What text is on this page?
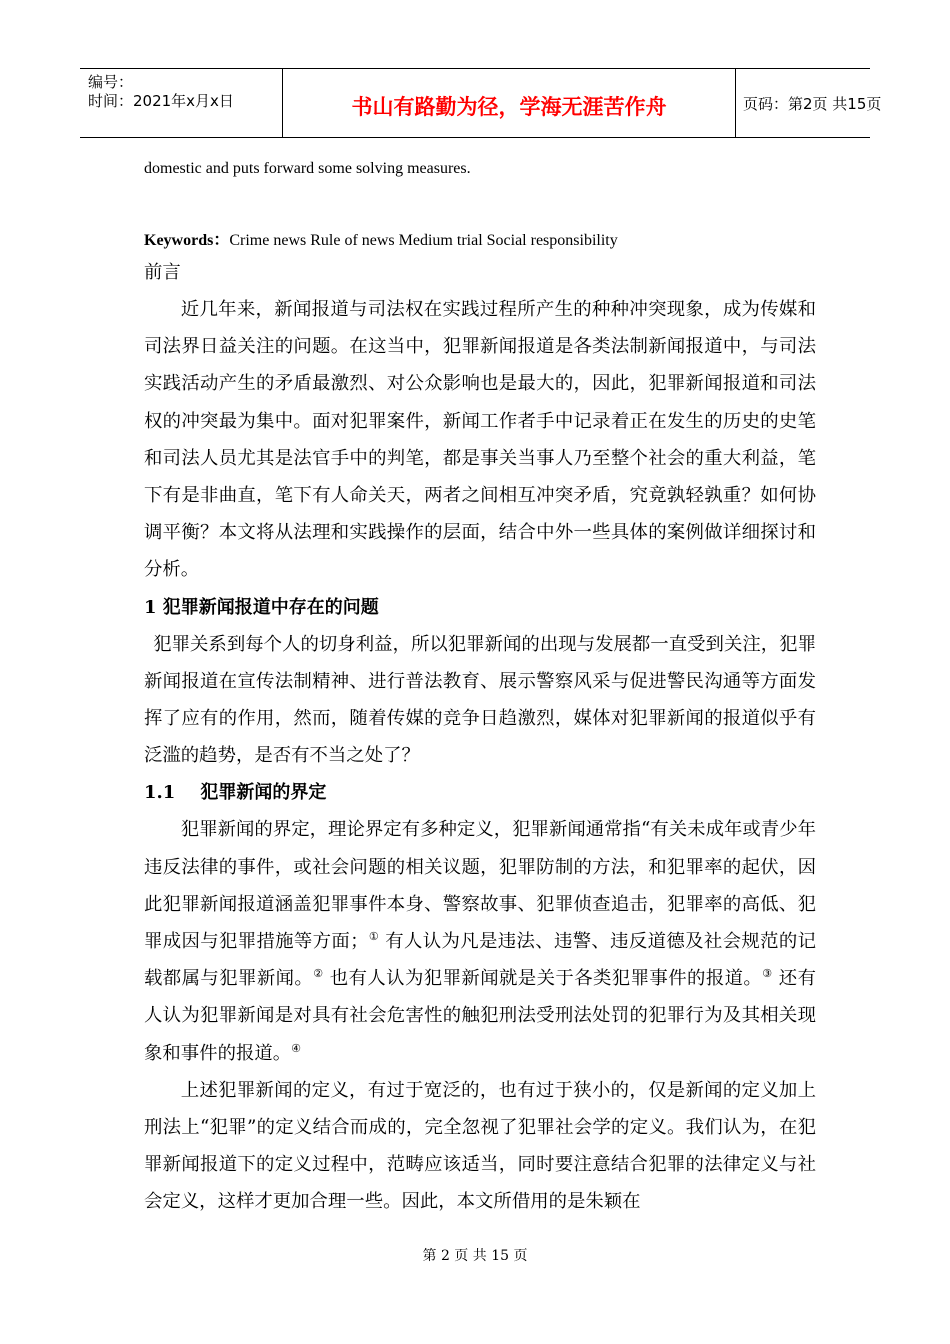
编号：
时间：2021年x月x日	书山有路勤为径，学海无涯苦作舟	页码：第2页 共15页

domestic and puts forward some solving measures.

Keywords：Crime news Rule of news Medium trial Social responsibility

前言

近几年来，新闻报道与司法权在实践过程所产生的种种冲突现象，成为传媒和司法界日益关注的问题。在这当中，犯罪新闻报道是各类法制新闻报道中，与司法实践活动产生的矛盾最激烈、对公众影响也是最大的，因此，犯罪新闻报道和司法权的冲突最为集中。面对犯罪案件，新闻工作者手中记录着正在发生的历史的史笔和司法人员尤其是法官手中的判笔，都是事关当事人乃至整个社会的重大利益，笔下有是非曲直，笔下有人命关天，两者之间相互冲突矛盾，究竟孰轻孰重？如何协调平衡？本文将从法理和实践操作的层面，结合中外一些具体的案例做详细探讨和分析。

1 犯罪新闻报道中存在的问题

犯罪关系到每个人的切身利益，所以犯罪新闻的出现与发展都一直受到关注，犯罪新闻报道在宣传法制精神、进行普法教育、展示警察风采与促进警民沟通等方面发挥了应有的作用，然而，随着传媒的竞争日趋激烈，媒体对犯罪新闻的报道似乎有泛滥的趋势，是否有不当之处了？

1.1    犯罪新闻的界定

犯罪新闻的界定，理论界定有多种定义，犯罪新闻通常指“有关未成年或青少年违反法律的事件，或社会问题的相关议题，犯罪防制的方法，和犯罪率的起伏，因此犯罪新闻报道涵盖犯罪事件本身、警察故事、犯罪侦查追击，犯罪率的高低、犯罪成因与犯罪措施等方面；① 有人认为凡是违法、违警、违反道德及社会规范的记载都属与犯罪新闻。② 也有人认为犯罪新闻就是关于各类犯罪事件的报道。③ 还有人认为犯罪新闻是对具有社会危害性的触犯刑法受刑法处罚的犯罪行为及其相关现象和事件的报道。④

上述犯罪新闻的定义，有过于宽泛的，也有过于狭小的，仅是新闻的定义加上刑法上“犯罪”的定义结合而成的，完全忽视了犯罪社会学的定义。我们认为，在犯罪新闻报道下的定义过程中，范畴应该适当，同时要注意结合犯罪的法律定义与社会定义，这样才更加合理一些。因此，本文所借用的是朱颖在

第 2 页 共 15 页
